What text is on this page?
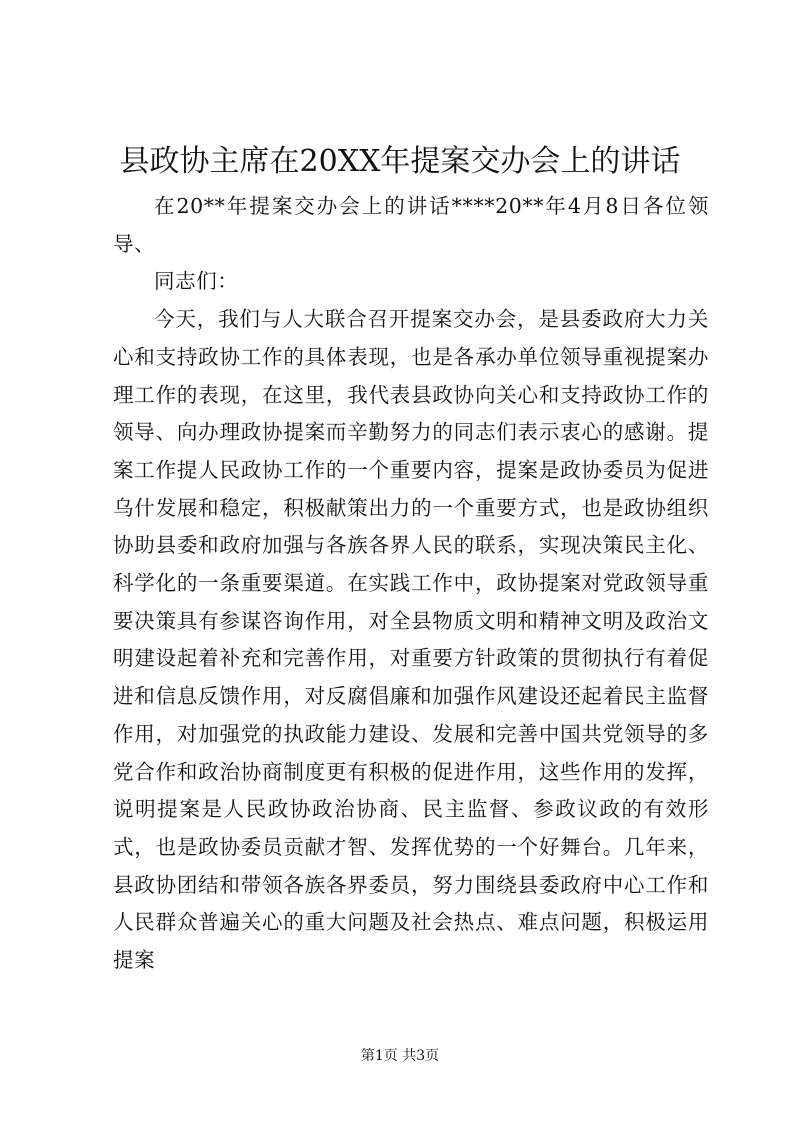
县政协主席在20XX年提案交办会上的讲话

在20**年提案交办会上的讲话****20**年4月8日各位领导、

同志们：

今天，我们与人大联合召开提案交办会，是县委政府大力关心和支持政协工作的具体表现，也是各承办单位领导重视提案办理工作的表现，在这里，我代表县政协向关心和支持政协工作的领导、向办理政协提案而辛勤努力的同志们表示衷心的感谢。提案工作提人民政协工作的一个重要内容，提案是政协委员为促进乌什发展和稳定，积极献策出力的一个重要方式，也是政协组织协助县委和政府加强与各族各界人民的联系，实现决策民主化、科学化的一条重要渠道。在实践工作中，政协提案对党政领导重要决策具有参谋咨询作用，对全县物质文明和精神文明及政治文明建设起着补充和完善作用，对重要方针政策的贯彻执行有着促进和信息反馈作用，对反腐倡廉和加强作风建设还起着民主监督作用，对加强党的执政能力建设、发展和完善中国共党领导的多党合作和政治协商制度更有积极的促进作用，这些作用的发挥，说明提案是人民政协政治协商、民主监督、参政议政的有效形式，也是政协委员贡献才智、发挥优势的一个好舞台。几年来，县政协团结和带领各族各界委员，努力围绕县委政府中心工作和人民群众普遍关心的重大问题及社会热点、难点问题，积极运用提案

第1页 共3页
